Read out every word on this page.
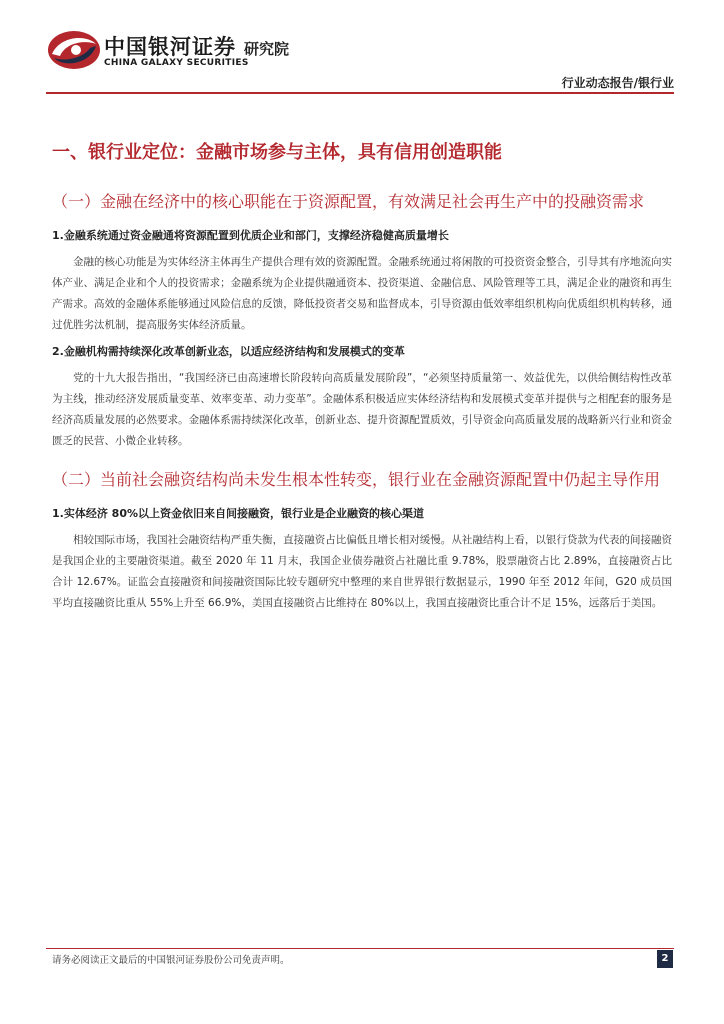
中国银河证券 研究院
CHINA GALAXY SECURITIES
行业动态报告/银行业
一、银行业定位：金融市场参与主体，具有信用创造职能
（一）金融在经济中的核心职能在于资源配置，有效满足社会再生产中的投融资需求
1.金融系统通过资金融通将资源配置到优质企业和部门，支撑经济稳健高质量增长

金融的核心功能是为实体经济主体再生产提供合理有效的资源配置。金融系统通过将闲散的可投资资金整合，引导其有序地流向实体产业、满足企业和个人的投资需求；金融系统为企业提供融通资本、投资渠道、金融信息、风险管理等工具，满足企业的融资和再生产需求。高效的金融体系能够通过风险信息的反馈，降低投资者交易和监督成本，引导资源由低效率组织机构向优质组织机构转移，通过优胜劣汰机制，提高服务实体经济质量。

2.金融机构需持续深化改革创新业态，以适应经济结构和发展模式的变革

党的十九大报告指出，“我国经济已由高速增长阶段转向高质量发展阶段”，“必须坚持质量第一、效益优先，以供给侧结构性改革为主线，推动经济发展质量变革、效率变革、动力变革”。金融体系积极适应实体经济结构和发展模式变革并提供与之相配套的服务是经济高质量发展的必然要求。金融体系需持续深化改革，创新业态、提升资源配置质效，引导资金向高质量发展的战略新兴行业和资金匮乏的民营、小微企业转移。

（二）当前社会融资结构尚未发生根本性转变，银行业在金融资源配置中仍起主导作用
1.实体经济 80%以上资金依旧来自间接融资，银行业是企业融资的核心渠道

相较国际市场，我国社会融资结构严重失衡，直接融资占比偏低且增长相对缓慢。从社融结构上看，以银行贷款为代表的间接融资是我国企业的主要融资渠道。截至 2020 年 11 月末，我国企业债券融资占社融比重 9.78%，股票融资占比 2.89%，直接融资占比合计 12.67%。证监会直接融资和间接融资国际比较专题研究中整理的来自世界银行数据显示，1990 年至 2012 年间，G20 成员国平均直接融资比重从 55%上升至 66.9%，美国直接融资占比维持在 80%以上，我国直接融资比重合计不足 15%，远落后于美国。

请务必阅读正文最后的中国银河证券股份公司免责声明。	2
